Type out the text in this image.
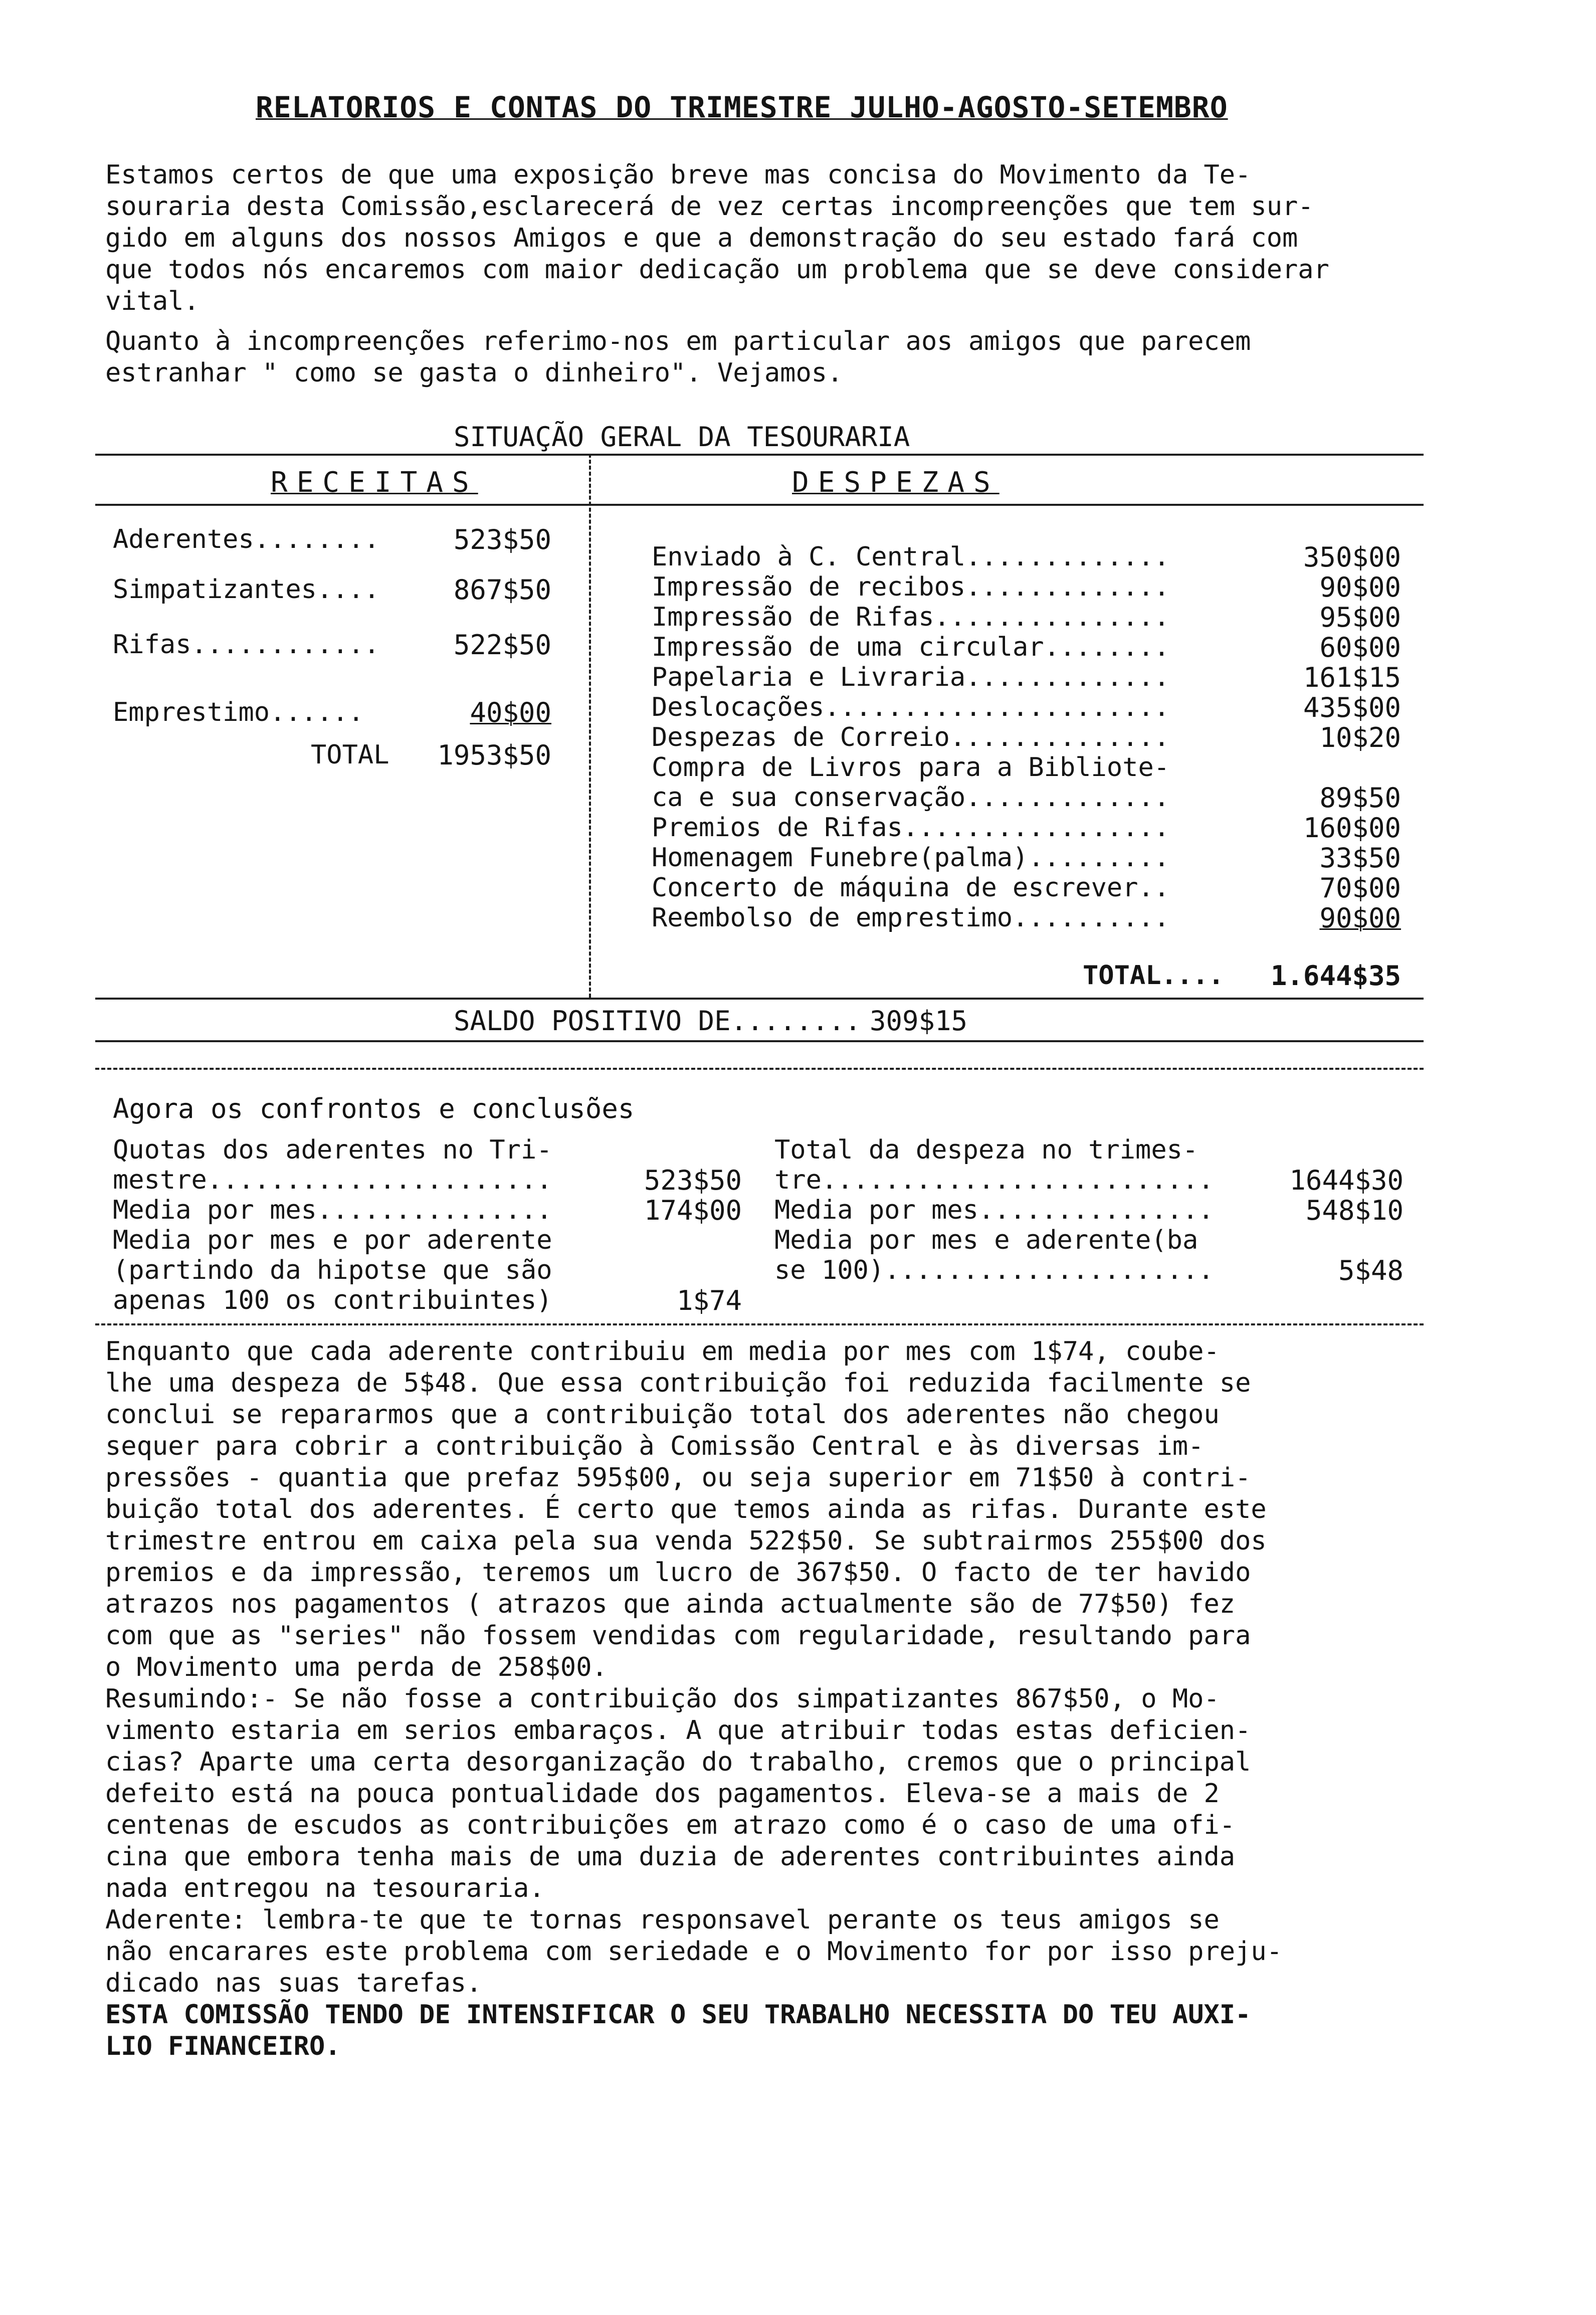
RELATORIOS E CONTAS DO TRIMESTRE JULHO-AGOSTO-SETEMBRO
Estamos certos de que uma exposição breve mas concisa do Movimento da Te-
souraria desta Comissão,esclarecerá de vez certas incompreenções que tem sur-
gido em alguns dos nossos Amigos e que a demonstração do seu estado fará com
que todos nós encaremos com maior dedicação um problema que se deve considerar
vital.
Quanto à incompreenções referimo-nos em particular aos amigos que parecem
estranhar " como se gasta o dinheiro". Vejamos.
SITUAÇÃO GERAL DA TESOURARIA
RECEITAS	DESPEZAS
Aderentes........	523$50
Simpatizantes....	867$50
Rifas............	522$50
Emprestimo......	40$00
TOTAL	1953$50
Enviado à C. Central.............	350$00
Impressão de recibos.............	90$00
Impressão de Rifas...............	95$00
Impressão de uma circular........	60$00
Papelaria e Livraria.............	161$15
Deslocações......................	435$00
Despezas de Correio..............	10$20
Compra de Livros para a Bibliote-
ca e sua conservação.............	89$50
Premios de Rifas.................	160$00
Homenagem Funebre(palma).........	33$50
Concerto de máquina de escrever..	70$00
Reembolso de emprestimo..........	90$00
TOTAL....	1.644$35
SALDO POSITIVO DE........ 309$15
Agora os confrontos e conclusões
Quotas dos aderentes no Tri-
mestre......................	523$50
Media por mes...............	174$00
Media por mes e por aderente
(partindo da hipotse que são
apenas 100 os contribuintes)	1$74
Total da despeza no trimes-
tre.........................	1644$30
Media por mes...............	548$10
Media por mes e aderente(ba
se 100).....................	5$48
Enquanto que cada aderente contribuiu em media por mes com 1$74, coube-
lhe uma despeza de 5$48. Que essa contribuição foi reduzida facilmente se
conclui se repararmos que a contribuição total dos aderentes não chegou
sequer para cobrir a contribuição à Comissão Central e às diversas im-
pressões - quantia que prefaz 595$00, ou seja superior em 71$50 à contri-
buição total dos aderentes. É certo que temos ainda as rifas. Durante este
trimestre entrou em caixa pela sua venda 522$50. Se subtrairmos 255$00 dos
premios e da impressão, teremos um lucro de 367$50. O facto de ter havido
atrazos nos pagamentos ( atrazos que ainda actualmente são de 77$50) fez
com que as "series" não fossem vendidas com regularidade, resultando para
o Movimento uma perda de 258$00.
Resumindo:- Se não fosse a contribuição dos simpatizantes 867$50, o Mo-
vimento estaria em serios embaraços. A que atribuir todas estas deficien-
cias? Aparte uma certa desorganização do trabalho, cremos que o principal
defeito está na pouca pontualidade dos pagamentos. Eleva-se a mais de 2
centenas de escudos as contribuições em atrazo como é o caso de uma ofi-
cina que embora tenha mais de uma duzia de aderentes contribuintes ainda
nada entregou na tesouraria.
Aderente: lembra-te que te tornas responsavel perante os teus amigos se
não encarares este problema com seriedade e o Movimento for por isso preju-
dicado nas suas tarefas.
ESTA COMISSÃO TENDO DE INTENSIFICAR O SEU TRABALHO NECESSITA DO TEU AUXI-
LIO FINANCEIRO.
